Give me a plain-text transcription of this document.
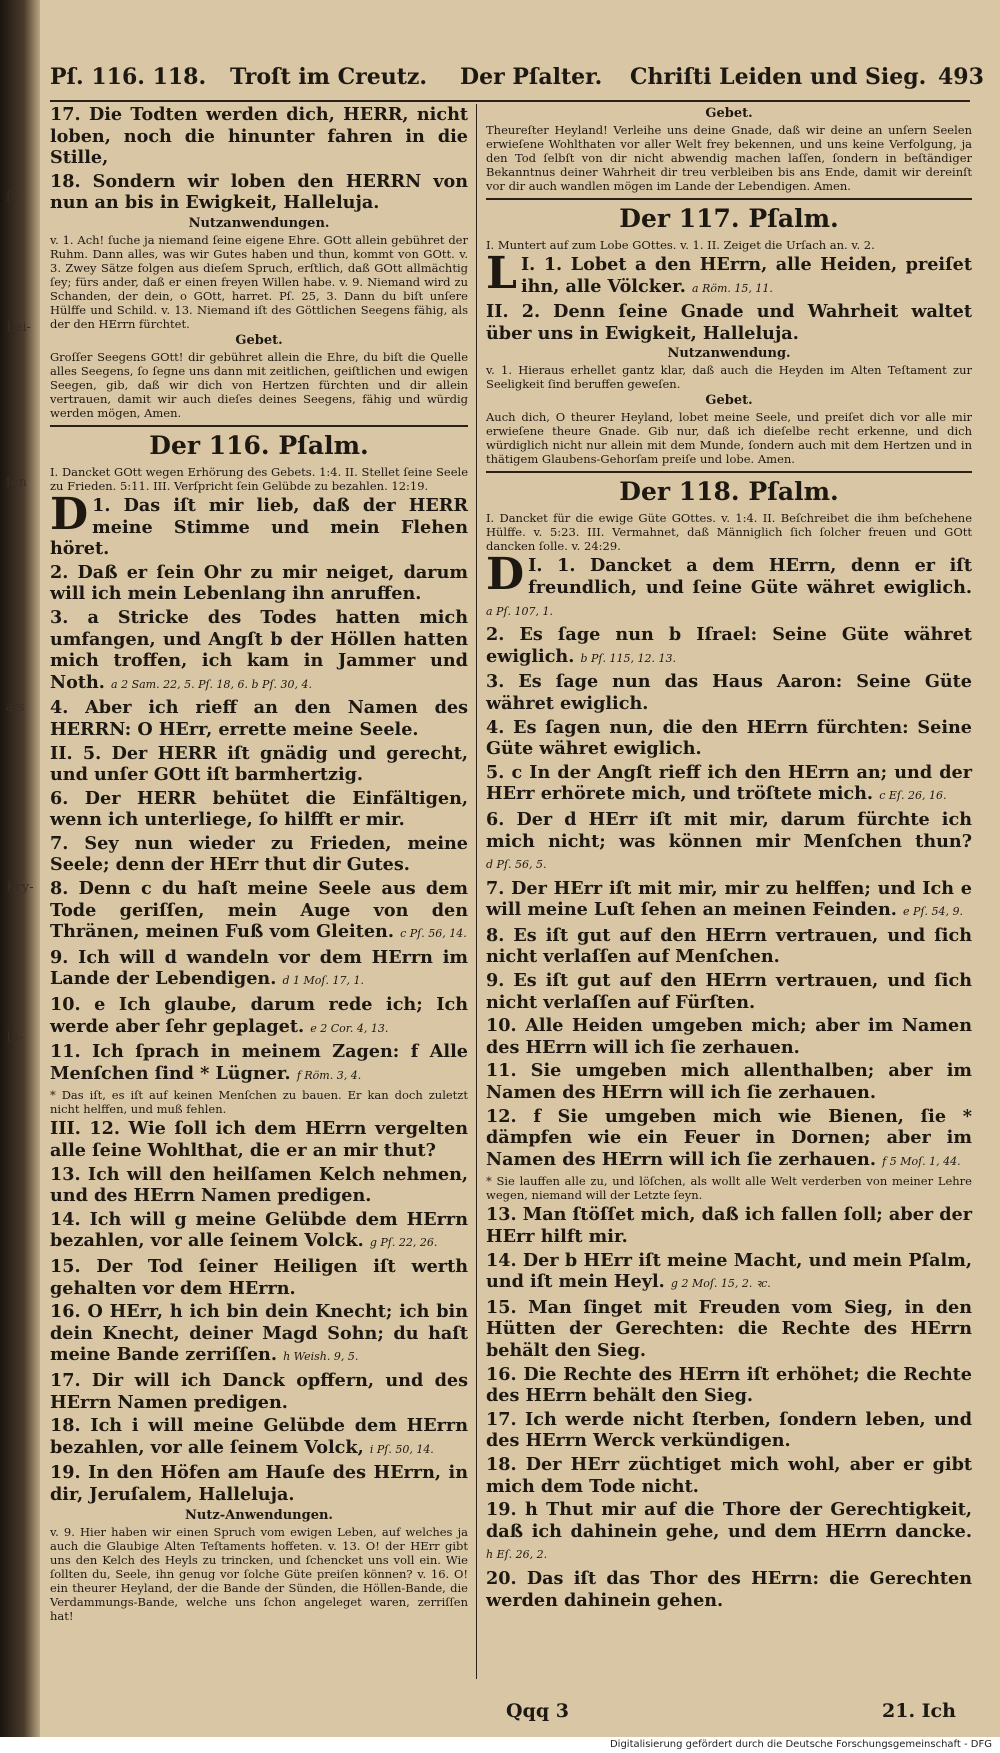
ſe
Lei-
ſen
als
Kry-
Io-
Pſ. 116. 118. Troſt im Creutz. Der Pſalter. Chriſti Leiden und Sieg. 493

17. Die Todten werden dich, HERR, nicht loben, noch die hinunter fahren in die Stille,

18. Sondern wir loben den HERRN von nun an bis in Ewigkeit, Halleluja.

Nutzanwendungen.

v. 1. Ach! ſuche ja niemand ſeine eigene Ehre. GOtt allein gebühret der Ruhm. Dann alles, was wir Gutes haben und thun, kommt von GOtt. v. 3. Zwey Sätze folgen aus dieſem Spruch, erſtlich, daß GOtt allmächtig ſey; fürs ander, daß er einen freyen Willen habe. v. 9. Niemand wird zu Schanden, der dein, o GOtt, harret. Pſ. 25, 3. Dann du biſt unſere Hülffe und Schild. v. 13. Niemand iſt des Göttlichen Seegens fähig, als der den HErrn fürchtet.

Gebet.

Groſſer Seegens GOtt! dir gebühret allein die Ehre, du biſt die Quelle alles Seegens, ſo ſegne uns dann mit zeitlichen, geiſtlichen und ewigen Seegen, gib, daß wir dich von Hertzen fürchten und dir allein vertrauen, damit wir auch dieſes deines Seegens, fähig und würdig werden mögen, Amen.

Der 116. Pſalm.

I. Dancket GOtt wegen Erhörung des Gebets. 1:4. II. Stellet ſeine Seele zu Frieden. 5:11. III. Verſpricht ſein Gelübde zu bezahlen. 12:19.

D 1. Das iſt mir lieb, daß der HERR meine Stimme und mein Flehen höret.

2. Daß er ſein Ohr zu mir neiget, darum will ich mein Lebenlang ihn anruffen.

3. a Stricke des Todes hatten mich umfangen, und Angſt b der Höllen hatten mich troffen, ich kam in Jammer und Noth. a 2 Sam. 22, 5. Pſ. 18, 6. b Pſ. 30, 4.

4. Aber ich rieff an den Namen des HERRN: O HErr, errette meine Seele.

II. 5. Der HERR iſt gnädig und gerecht, und unſer GOtt iſt barmhertzig.

6. Der HERR behütet die Einfältigen, wenn ich unterliege, ſo hilfft er mir.

7. Sey nun wieder zu Frieden, meine Seele; denn der HErr thut dir Gutes.

8. Denn c du haſt meine Seele aus dem Tode geriſſen, mein Auge von den Thränen, meinen Fuß vom Gleiten. c Pſ. 56, 14.

9. Ich will d wandeln vor dem HErrn im Lande der Lebendigen. d 1 Moſ. 17, 1.

10. e Ich glaube, darum rede ich; Ich werde aber ſehr geplaget. e 2 Cor. 4, 13.

11. Ich ſprach in meinem Zagen: f Alle Menſchen ſind * Lügner. f Röm. 3, 4.

* Das iſt, es iſt auf keinen Menſchen zu bauen. Er kan doch zuletzt nicht helffen, und muß fehlen.

III. 12. Wie ſoll ich dem HErrn vergelten alle ſeine Wohlthat, die er an mir thut?

13. Ich will den heilſamen Kelch nehmen, und des HErrn Namen predigen.

14. Ich will g meine Gelübde dem HErrn bezahlen, vor alle ſeinem Volck. g Pſ. 22, 26.

15. Der Tod ſeiner Heiligen iſt werth gehalten vor dem HErrn.

16. O HErr, h ich bin dein Knecht; ich bin dein Knecht, deiner Magd Sohn; du haſt meine Bande zerriſſen. h Weish. 9, 5.

17. Dir will ich Danck opffern, und des HErrn Namen predigen.

18. Ich i will meine Gelübde dem HErrn bezahlen, vor alle ſeinem Volck, i Pſ. 50, 14.

19. In den Höfen am Hauſe des HErrn, in dir, Jeruſalem, Halleluja.

Nutz-Anwendungen.

v. 9. Hier haben wir einen Spruch vom ewigen Leben, auf welches ja auch die Glaubige Alten Teſtaments hoffeten. v. 13. O! der HErr gibt uns den Kelch des Heyls zu trincken, und ſchencket uns voll ein. Wie ſollten du, Seele, ihn genug vor ſolche Güte preiſen können? v. 16. O! ein theurer Heyland, der die Bande der Sünden, die Höllen-Bande, die Verdammungs-Bande, welche uns ſchon angeleget waren, zerriſſen hat!

Gebet.

Theureſter Heyland! Verleihe uns deine Gnade, daß wir deine an unſern Seelen erwieſene Wohlthaten vor aller Welt frey bekennen, und uns keine Verfolgung, ja den Tod ſelbſt von dir nicht abwendig machen laſſen, ſondern in beſtändiger Bekanntnus deiner Wahrheit dir treu verbleiben bis ans Ende, damit wir dereinſt vor dir auch wandlen mögen im Lande der Lebendigen. Amen.

Der 117. Pſalm.

I. Muntert auf zum Lobe GOttes. v. 1. II. Zeiget die Urſach an. v. 2.

L I. 1. Lobet a den HErrn, alle Heiden, preiſet ihn, alle Völcker. a Röm. 15, 11.

II. 2. Denn ſeine Gnade und Wahrheit waltet über uns in Ewigkeit, Halleluja.

Nutzanwendung.

v. 1. Hieraus erhellet gantz klar, daß auch die Heyden im Alten Teſtament zur Seeligkeit ſind beruffen geweſen.

Gebet.

Auch dich, O theurer Heyland, lobet meine Seele, und preiſet dich vor alle mir erwieſene theure Gnade. Gib nur, daß ich dieſelbe recht erkenne, und dich würdiglich nicht nur allein mit dem Munde, ſondern auch mit dem Hertzen und in thätigem Glaubens-Gehorſam preiſe und lobe. Amen.

Der 118. Pſalm.

I. Dancket für die ewige Güte GOttes. v. 1:4. II. Beſchreibet die ihm beſchehene Hülffe. v. 5:23. III. Vermahnet, daß Männiglich ſich ſolcher freuen und GOtt dancken ſolle. v. 24:29.

D I. 1. Dancket a dem HErrn, denn er iſt freundlich, und ſeine Güte währet ewiglich. a Pſ. 107, 1.

2. Es ſage nun b Iſrael: Seine Güte währet ewiglich. b Pſ. 115, 12. 13.

3. Es ſage nun das Haus Aaron: Seine Güte währet ewiglich.

4. Es ſagen nun, die den HErrn fürchten: Seine Güte währet ewiglich.

5. c In der Angſt rieff ich den HErrn an; und der HErr erhörete mich, und tröſtete mich. c Eſ. 26, 16.

6. Der d HErr iſt mit mir, darum fürchte ich mich nicht; was können mir Menſchen thun? d Pſ. 56, 5.

7. Der HErr iſt mit mir, mir zu helffen; und Ich e will meine Luſt ſehen an meinen Feinden. e Pſ. 54, 9.

8. Es iſt gut auf den HErrn vertrauen, und ſich nicht verlaſſen auf Menſchen.

9. Es iſt gut auf den HErrn vertrauen, und ſich nicht verlaſſen auf Fürſten.

10. Alle Heiden umgeben mich; aber im Namen des HErrn will ich ſie zerhauen.

11. Sie umgeben mich allenthalben; aber im Namen des HErrn will ich ſie zerhauen.

12. f Sie umgeben mich wie Bienen, ſie * dämpfen wie ein Feuer in Dornen; aber im Namen des HErrn will ich ſie zerhauen. f 5 Moſ. 1, 44.

* Sie lauffen alle zu, und löſchen, als wollt alle Welt verderben von meiner Lehre wegen, niemand will der Letzte ſeyn.

13. Man ſtöſſet mich, daß ich fallen ſoll; aber der HErr hilft mir.

14. Der b HErr iſt meine Macht, und mein Pſalm, und iſt mein Heyl. g 2 Moſ. 15, 2. ꝛc.

15. Man ſinget mit Freuden vom Sieg, in den Hütten der Gerechten: die Rechte des HErrn behält den Sieg.

16. Die Rechte des HErrn iſt erhöhet; die Rechte des HErrn behält den Sieg.

17. Ich werde nicht ſterben, ſondern leben, und des HErrn Werck verkündigen.

18. Der HErr züchtiget mich wohl, aber er gibt mich dem Tode nicht.

19. h Thut mir auf die Thore der Gerechtigkeit, daß ich dahinein gehe, und dem HErrn dancke. h Eſ. 26, 2.

20. Das iſt das Thor des HErrn: die Gerechten werden dahinein gehen.

Qqq 3	21. Ich
Digitalisierung gefördert durch die Deutsche Forschungsgemeinschaft - DFG
